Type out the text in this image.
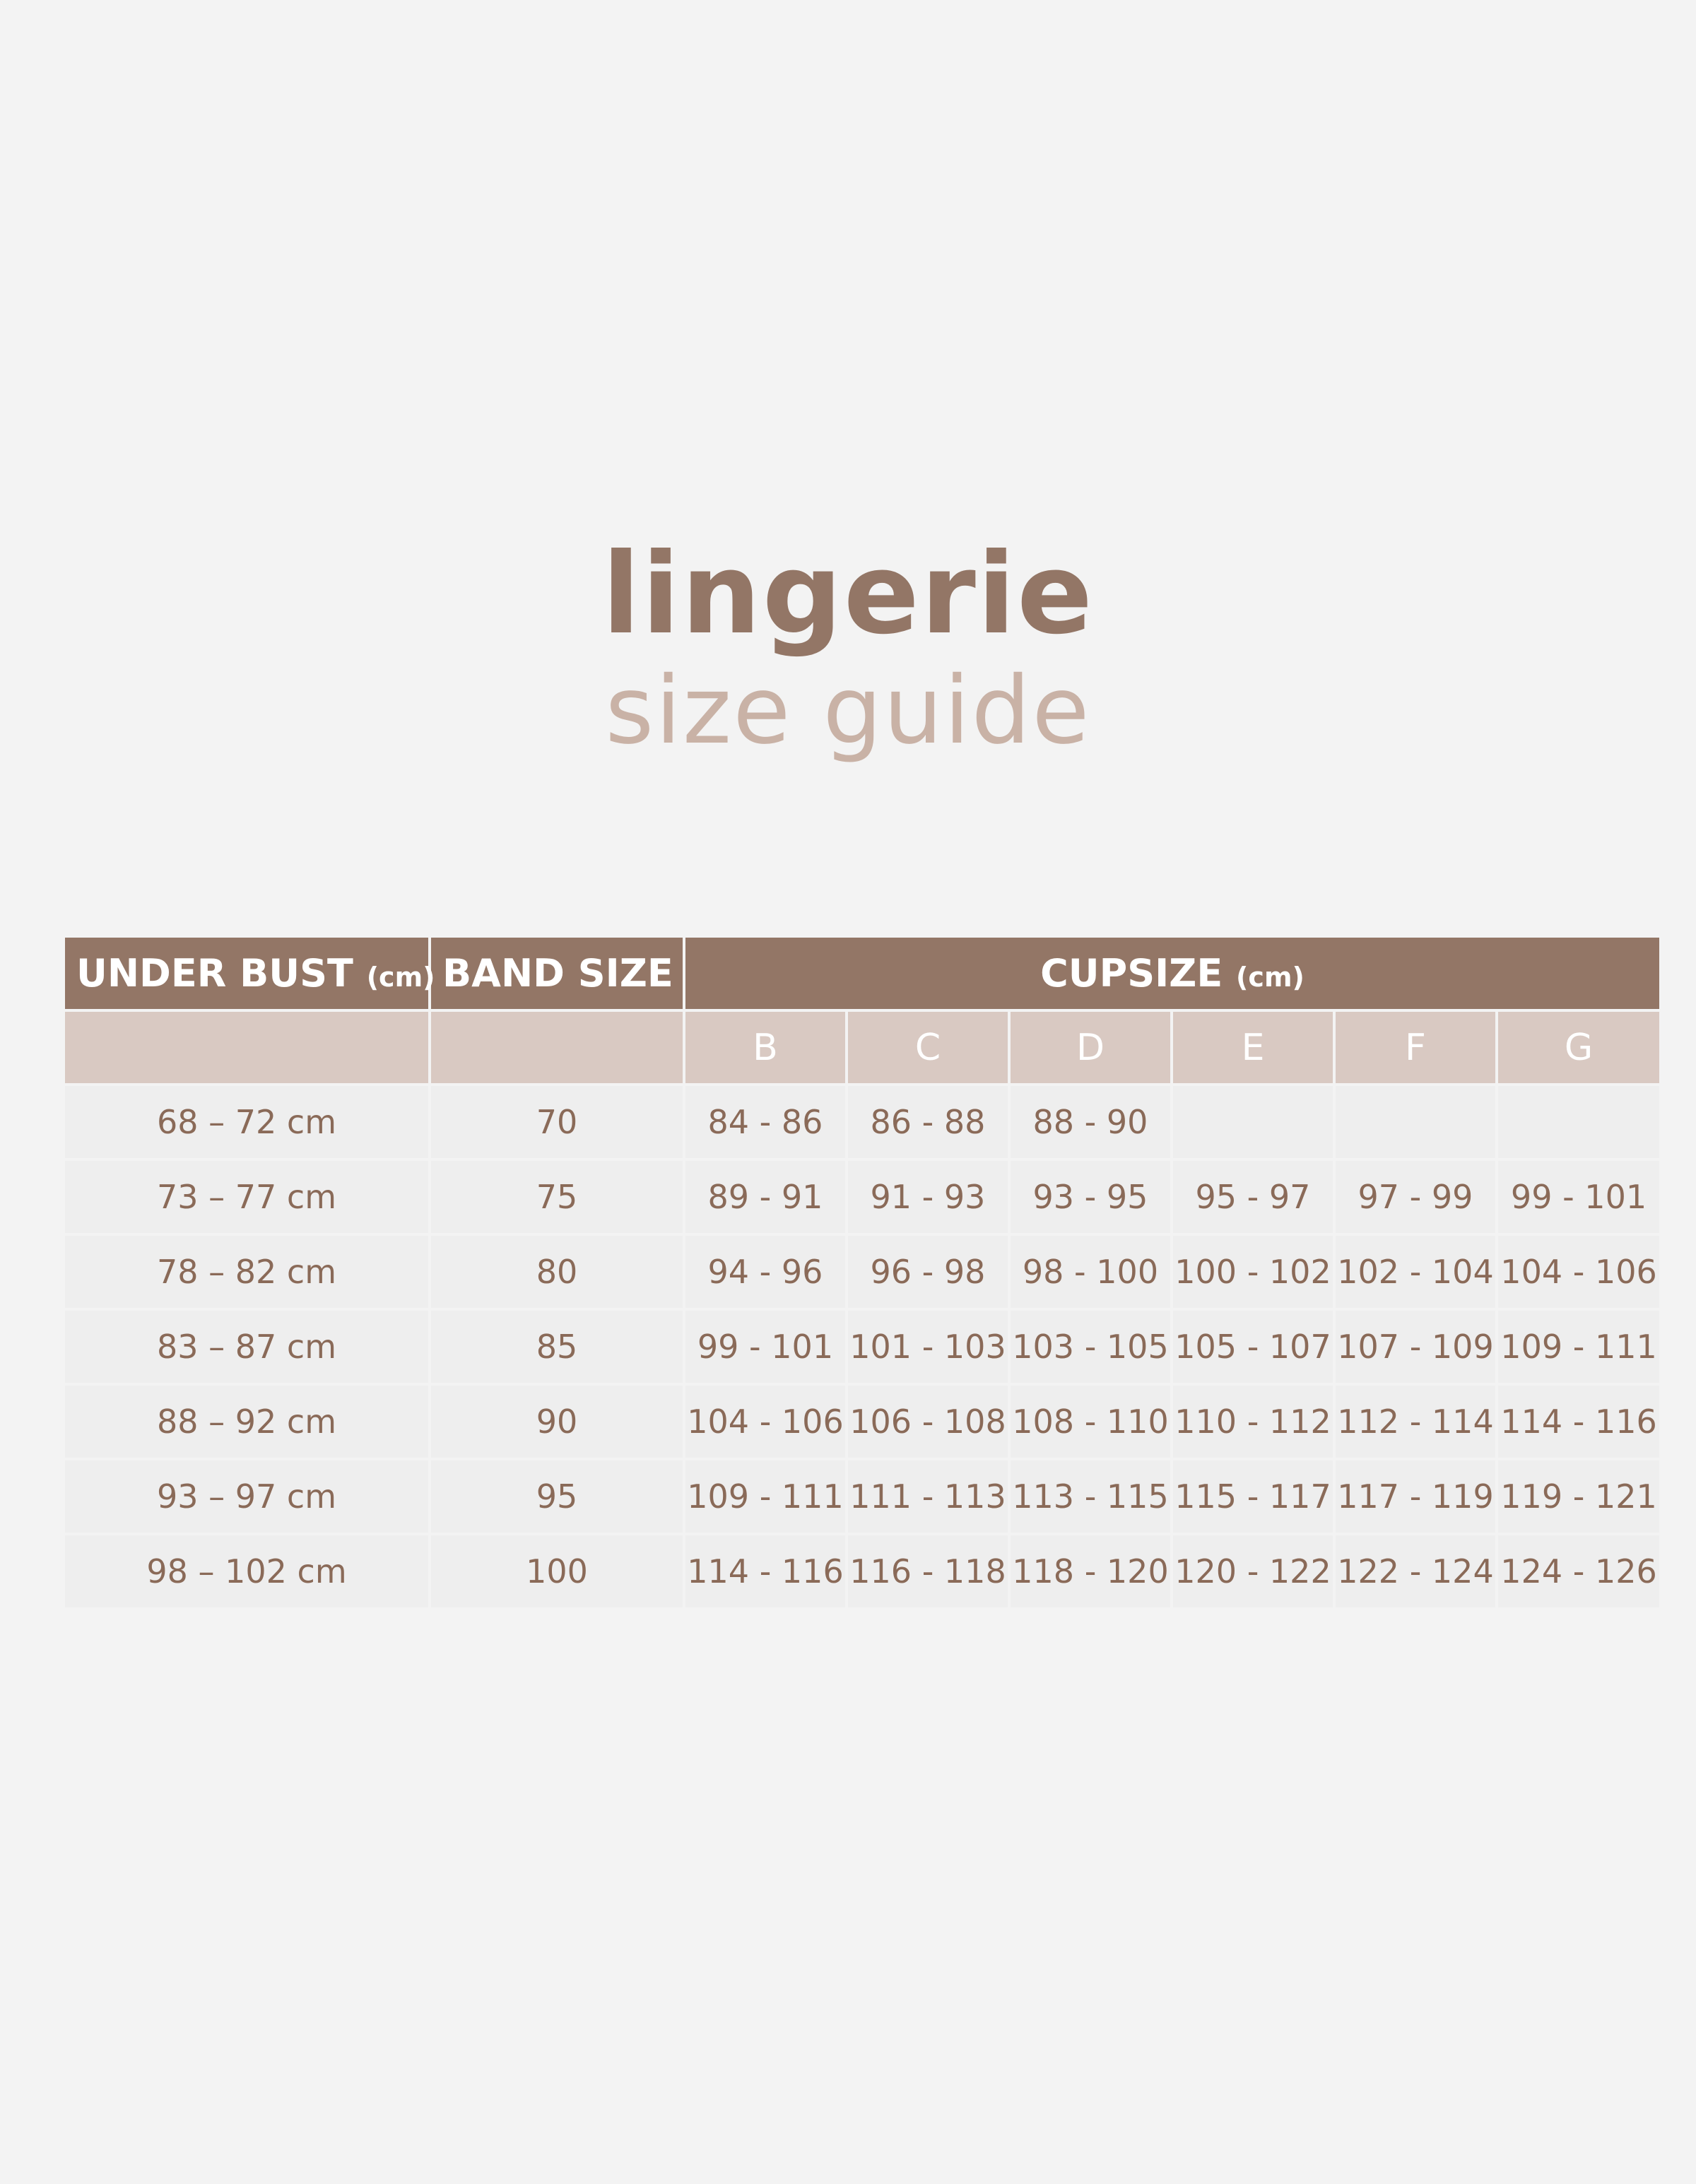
lingerie
size guide
UNDER BUST (cm)	BAND SIZE	CUPSIZE (cm)					
		B	C	D	E	F	G
68 – 72 cm	70	84 - 86	86 - 88	88 - 90			
73 – 77 cm	75	89 - 91	91 - 93	93 - 95	95 - 97	97 - 99	99 - 101
78 – 82 cm	80	94 - 96	96 - 98	98 - 100	100 - 102	102 - 104	104 - 106
83 – 87 cm	85	99 - 101	101 - 103	103 - 105	105 - 107	107 - 109	109 - 111
88 – 92 cm	90	104 - 106	106 - 108	108 - 110	110 - 112	112 - 114	114 - 116
93 – 97 cm	95	109 - 111	111 - 113	113 - 115	115 - 117	117 - 119	119 - 121
98 – 102 cm	100	114 - 116	116 - 118	118 - 120	120 - 122	122 - 124	124 - 126
